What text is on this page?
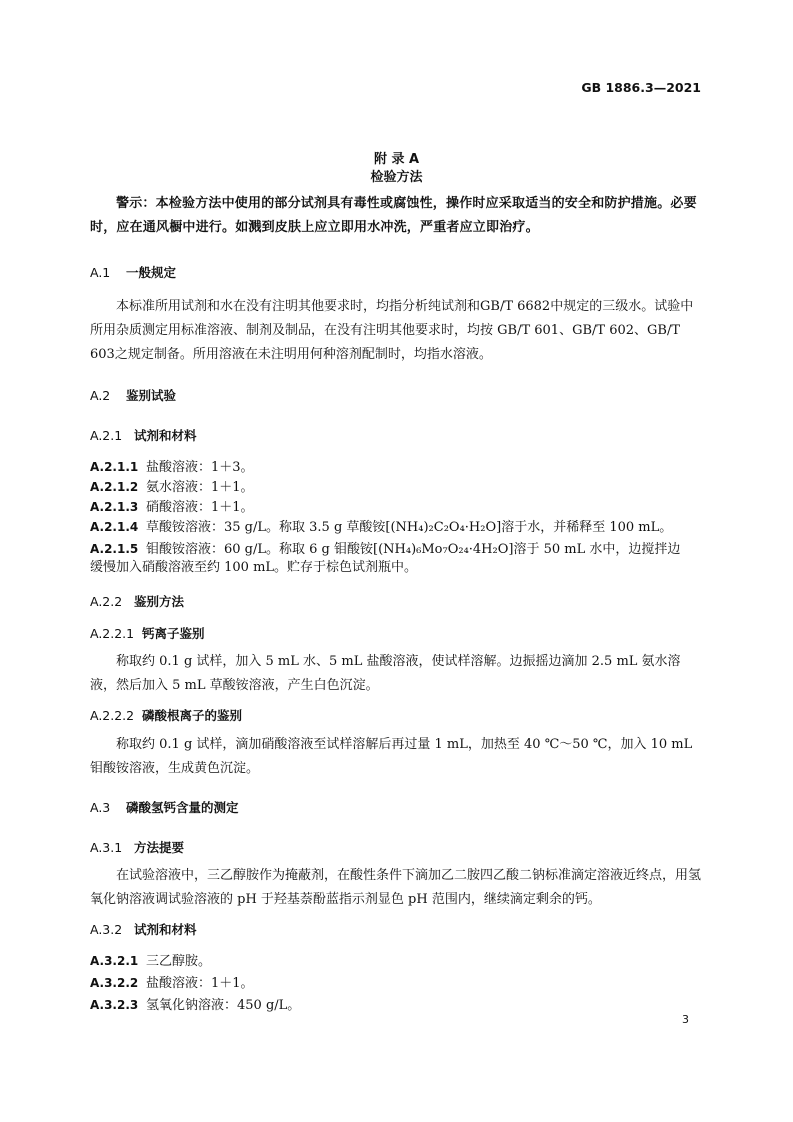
GB 1886.3—2021
附 录 A
检验方法
警示：本检验方法中使用的部分试剂具有毒性或腐蚀性，操作时应采取适当的安全和防护措施。必要时，应在通风橱中进行。如溅到皮肤上应立即用水冲洗，严重者应立即治疗。
A.1 一般规定
本标准所用试剂和水在没有注明其他要求时，均指分析纯试剂和GB/T 6682中规定的三级水。试验中所用杂质测定用标准溶液、制剂及制品，在没有注明其他要求时，均按 GB/T 601、GB/T 602、GB/T 603之规定制备。所用溶液在未注明用何种溶剂配制时，均指水溶液。
A.2 鉴别试验
A.2.1 试剂和材料
A.2.1.1 盐酸溶液：1＋3。
A.2.1.2 氨水溶液：1＋1。
A.2.1.3 硝酸溶液：1＋1。
A.2.1.4 草酸铵溶液：35 g/L。称取 3.5 g 草酸铵[(NH₄)₂C₂O₄·H₂O]溶于水，并稀释至 100 mL。
A.2.1.5 钼酸铵溶液：60 g/L。称取 6 g 钼酸铵[(NH₄)₆Mo₇O₂₄·4H₂O]溶于 50 mL 水中，边搅拌边
缓慢加入硝酸溶液至约 100 mL。贮存于棕色试剂瓶中。
A.2.2 鉴别方法
A.2.2.1 钙离子鉴别
称取约 0.1 g 试样，加入 5 mL 水、5 mL 盐酸溶液，使试样溶解。边振摇边滴加 2.5 mL 氨水溶液，然后加入 5 mL 草酸铵溶液，产生白色沉淀。
A.2.2.2 磷酸根离子的鉴别
称取约 0.1 g 试样，滴加硝酸溶液至试样溶解后再过量 1 mL，加热至 40 ℃～50 ℃，加入 10 mL 钼酸铵溶液，生成黄色沉淀。
A.3 磷酸氢钙含量的测定
A.3.1 方法提要
在试验溶液中，三乙醇胺作为掩蔽剂，在酸性条件下滴加乙二胺四乙酸二钠标准滴定溶液近终点，用氢氧化钠溶液调试验溶液的 pH 于羟基萘酚蓝指示剂显色 pH 范围内，继续滴定剩余的钙。
A.3.2 试剂和材料
A.3.2.1 三乙醇胺。
A.3.2.2 盐酸溶液：1＋1。
A.3.2.3 氢氧化钠溶液：450 g/L。
3
